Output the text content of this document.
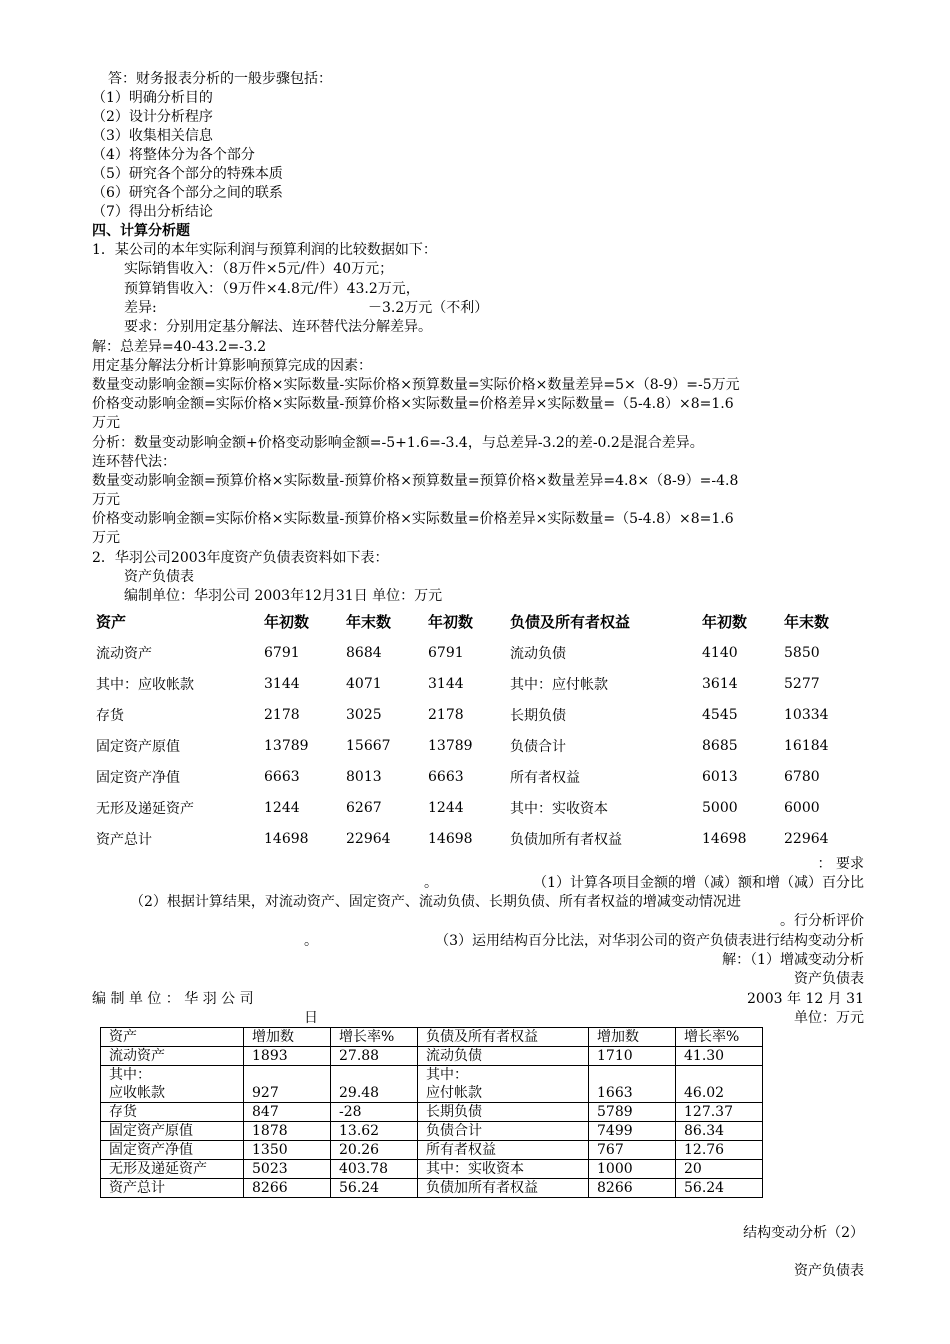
答：财务报表分析的一般步骤包括：
（1）明确分析目的
（2）设计分析程序
（3）收集相关信息
（4）将整体分为各个部分
（5）研究各个部分的特殊本质
（6）研究各个部分之间的联系
（7）得出分析结论
四、计算分析题
1．某公司的本年实际利润与预算利润的比较数据如下：
实际销售收入：（8万件×5元/件）40万元；
预算销售收入：（9万件×4.8元/件）43.2万元，
差异:	－3.2万元（不利）
要求：分别用定基分解法、连环替代法分解差异。
解：总差异=40-43.2=-3.2
用定基分解法分析计算影响预算完成的因素：
数量变动影响金额=实际价格×实际数量-实际价格×预算数量=实际价格×数量差异=5×（8-9）=-5万元
价格变动影响金额=实际价格×实际数量-预算价格×实际数量=价格差异×实际数量=（5-4.8）×8=1.6
万元
分析：数量变动影响金额+价格变动影响金额=-5+1.6=-3.4，与总差异-3.2的差-0.2是混合差异。
连环替代法：
数量变动影响金额=预算价格×实际数量-预算价格×预算数量=预算价格×数量差异=4.8×（8-9）=-4.8
万元
价格变动影响金额=实际价格×实际数量-预算价格×实际数量=价格差异×实际数量=（5-4.8）×8=1.6
万元
2．华羽公司2003年度资产负债表资料如下表：
资产负债表
编制单位：华羽公司 2003年12月31日 单位：万元
资产	年初数	年末数	年初数	负债及所有者权益	年初数	年末数
流动资产	6791	8684	6791	流动负债	4140	5850
其中：应收帐款	3144	4071	3144	其中：应付帐款	3614	5277
存货	2178	3025	2178	长期负债	4545	10334
固定资产原值	13789	15667	13789	负债合计	8685	16184
固定资产净值	6663	8013	6663	所有者权益	6013	6780
无形及递延资产	1244	6267	1244	其中：实收资本	5000	6000
资产总计	14698	22964	14698	负债加所有者权益	14698	22964
： 要求
。	（1）计算各项目金额的增（减）额和增（减）百分比
（2）根据计算结果，对流动资产、固定资产、流动负债、长期负债、所有者权益的增减变动情况进
。行分析评价
。	（3）运用结构百分比法，对华羽公司的资产负债表进行结构变动分析
解：（1）增减变动分析
资产负债表
编 制 单 位 ： 华 羽 公 司	2003 年 12 月 31
日	单位：万元
资产	增加数	增长率%	负债及所有者权益	增加数	增长率%
流动资产	1893	27.88	流动负债	1710	41.30
其中：
应收帐款	927	29.48	其中：
应付帐款	1663	46.02
存货	847	-28	长期负债	5789	127.37
固定资产原值	1878	13.62	负债合计	7499	86.34
固定资产净值	1350	20.26	所有者权益	767	12.76
无形及递延资产	5023	403.78	其中：实收资本	1000	20
资产总计	8266	56.24	负债加所有者权益	8266	56.24
结构变动分析（2）
资产负债表
